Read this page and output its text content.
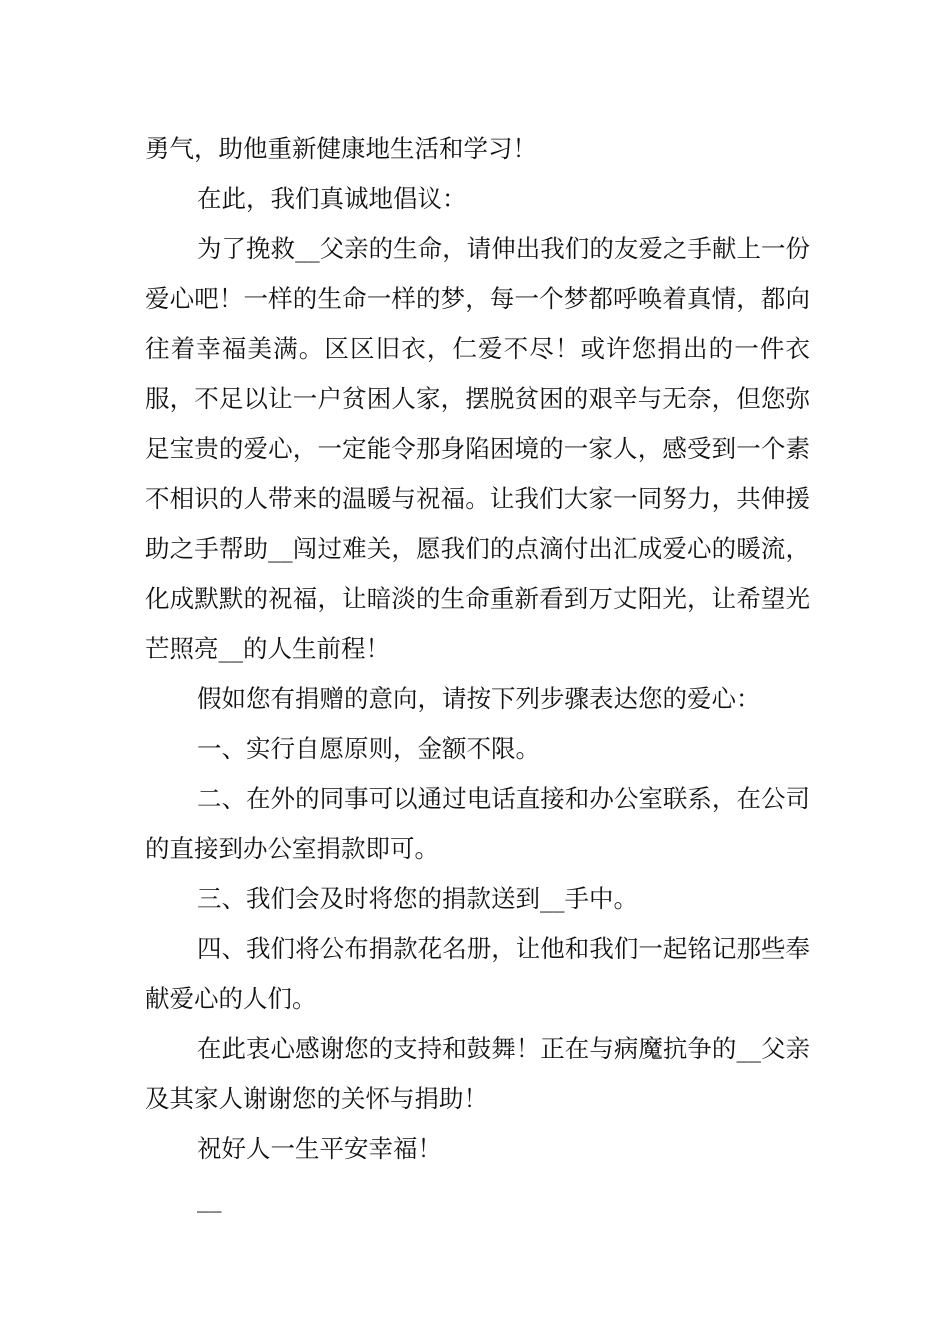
勇气，助他重新健康地生活和学习！

在此，我们真诚地倡议：

为了挽救__父亲的生命，请伸出我们的友爱之手献上一份爱心吧！一样的生命一样的梦，每一个梦都呼唤着真情，都向往着幸福美满。区区旧衣，仁爱不尽！或许您捐出的一件衣服，不足以让一户贫困人家，摆脱贫困的艰辛与无奈，但您弥足宝贵的爱心，一定能令那身陷困境的一家人，感受到一个素不相识的人带来的温暖与祝福。让我们大家一同努力，共伸援助之手帮助__闯过难关，愿我们的点滴付出汇成爱心的暖流，化成默默的祝福，让暗淡的生命重新看到万丈阳光，让希望光芒照亮__的人生前程！

假如您有捐赠的意向，请按下列步骤表达您的爱心：

一、实行自愿原则，金额不限。

二、在外的同事可以通过电话直接和办公室联系，在公司的直接到办公室捐款即可。

三、我们会及时将您的捐款送到__手中。

四、我们将公布捐款花名册，让他和我们一起铭记那些奉献爱心的人们。

在此衷心感谢您的支持和鼓舞！正在与病魔抗争的__父亲及其家人谢谢您的关怀与捐助！

祝好人一生平安幸福！

__
